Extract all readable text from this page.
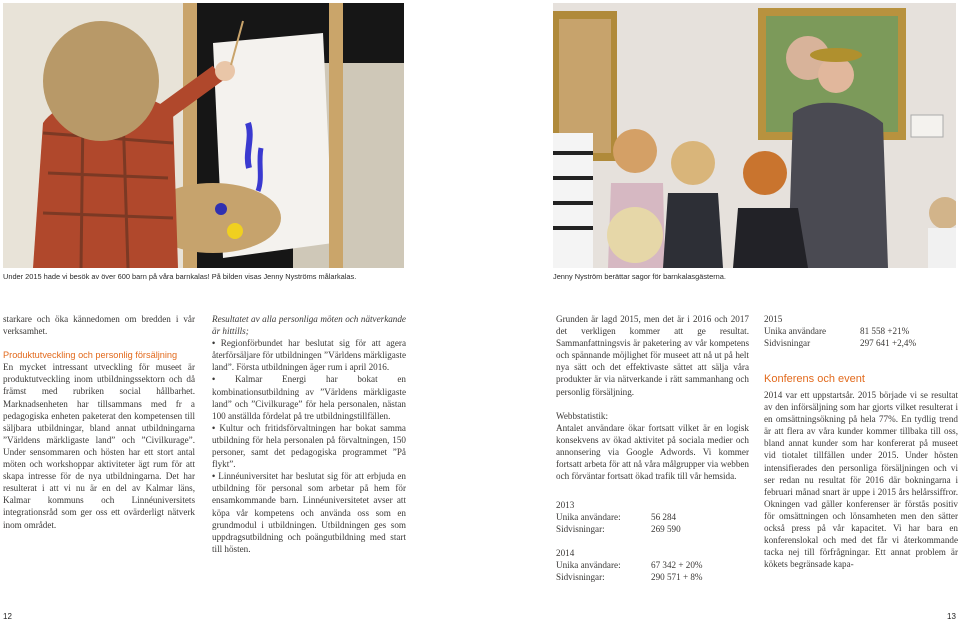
Under 2015 hade vi besök av över 600 barn på våra barnkalas! På bilden visas Jenny Nyströms målarkalas.	Jenny Nyström berättar sagor för barnkalasgästerna.

starkare och öka kännedomen om bredden i vår verksamhet.

Produktutveckling och personlig försäljning

En mycket intressant utveckling för museet är produktutveckling inom utbildningssektorn och då främst med rubriken social hållbarhet. Marknadsenheten har tillsammans med fr a pedagogiska enheten paketerat den kompetensen till säljbara utbildningar, bland annat utbildningarna ”Världens märkligaste land” och ”Civilkurage”. Under sensommaren och hösten har ett stort antal möten och workshoppar aktiviteter ägt rum för att skapa intresse för de nya utbildningarna. Det har resulterat i att vi nu är en del av Kalmar läns, Kalmar kommuns och Linnéuniversitets integrationsråd som ger oss ett ovärderligt nätverk inom området.

Resultatet av alla personliga möten och nätverkande är hittills;

• Regionförbundet har beslutat sig för att agera återförsäljare för utbildningen ”Världens märkligaste land”. Första utbildningen äger rum i april 2016.

• Kalmar Energi har bokat en kombinationsutbildning av ”Världens märkligaste land” och ”Civilkurage” för hela personalen, nästan 100 anställda fördelat på tre utbildningstillfällen.

• Kultur och fritidsförvaltningen har bokat samma utbildning för hela personalen på förvaltningen, 150 personer, samt det pedagogiska programmet ”På flykt”.

• Linnéuniversitet har beslutat sig för att erbjuda en utbildning för personal som arbetar på hem för ensamkommande barn. Linnéuniversitetet avser att köpa vår kompetens och använda oss som en grundmodul i utbildningen. Utbildningen ges som uppdragsutbildning och poängutbildning med start till hösten.

Grunden är lagd 2015, men det är i 2016 och 2017 det verkligen kommer att ge resultat. Sammanfattningsvis är paketering av vår kompetens och spännande möjlighet för museet att nå ut på helt nya sätt och det effektivaste sättet att sälja våra produkter är via nätverkande i rätt sammanhang och personlig försäljning.

Webbstatistik:

Antalet användare ökar fortsatt vilket är en logisk konsekvens av ökad aktivitet på sociala medier och annonsering via Google Adwords. Vi kommer fortsatt arbeta för att nå våra målgrupper via webben och förväntar fortsatt ökad trafik till vår hemsida.

2013
Unika användare:	56 284
Sidvisningar:	269 590
2014
Unika användare:	67 342 + 20%
Sidvisningar:	290 571 + 8%
2015
Unika användare	81 558 +21%
Sidvisningar	297 641 +2,4%

Konferens och event

2014 var ett uppstartsår. 2015 började vi se resultat av den införsäljning som har gjorts vilket resulterat i en omsättningsökning på hela 77%. En tydlig trend är att flera av våra kunder kommer tillbaka till oss, bland annat kunder som har konfererat på museet vid tiotalet tillfällen under 2015. Under hösten intensifierades den personliga försäljningen och vi ser redan nu resultat för 2016 där bokningarna i februari månad snart är uppe i 2015 års helårssiffror. Okningen vad gäller konferenser är förstås positiv för omsättningen och lönsamheten men den sätter också press på vår kapacitet. Vi har bara en konferenslokal och med det får vi återkommande tacka nej till förfrågningar. Ett annat problem är kökets begränsade kapa-

12	13
